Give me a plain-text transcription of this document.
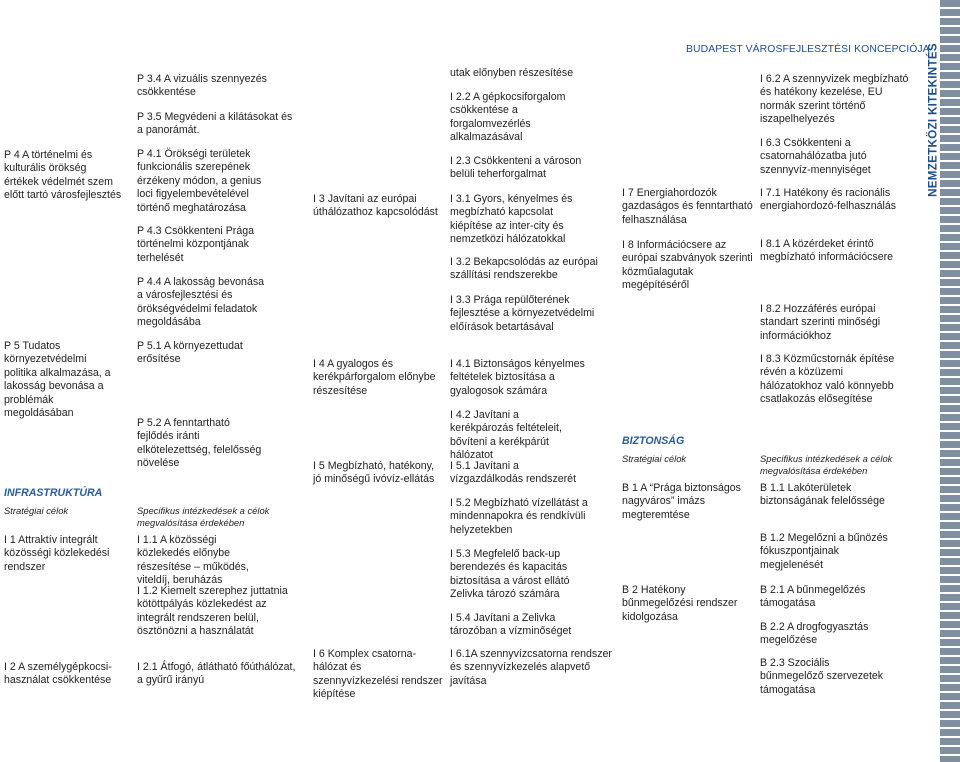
BUDAPEST VÁROSFEJLESZTÉSI KONCEPCIÓJA
NEMZETKÖZI KITEKINTÉS

P 4 A történelmi és kulturális örökség értékek védelmét szem előtt tartó városfejlesztés

P 5 Tudatos környezetvédelmi politika alkalmazása, a lakosság bevonása a problémák megoldásában

INFRASTRUKTÚRA

Stratégiai célok

I 1 Attraktív integrált közösségi közlekedési rendszer

I 2 A személygépkocsi-használat csökkentése

P 3.4 A vizuális szennyezés csökkentése

P 3.5 Megvédeni a kilátásokat és a panorámát.

P 4.1 Örökségi területek funkcionális szerepének érzékeny módon, a genius loci figyelembevételével történő meghatározása

P 4.3 Csökkenteni Prága történelmi központjának terhelését

P 4.4 A lakosság bevonása a városfejlesztési és örökségvédelmi feladatok megoldásába

P 5.1 A környezettudat erősítése

P 5.2 A fenntartható fejlődés iránti elkötelezettség, felelősség növelése

Specifikus intézkedések a célok megvalósítása érdekében

I 1.1 A közösségi közlekedés előnybe részesítése – működés, viteldíj, beruházás

I 1.2 Kiemelt szerephez juttatnia kötöttpályás közlekedést az integrált rendszeren belül, ösztönözni a használatát

I 2.1 Átfogó, átlátható főúthálózat, a gyűrű irányú

I 3 Javítani az európai úthálózathoz kapcsolódást

I 4 A gyalogos és kerékpárforgalom előnybe részesítése

I 5 Megbízható, hatékony, jó minőségű ivóvíz-ellátás

I 6 Komplex csatorna-hálózat és szennyvízkezelési rendszer kiépítése

utak előnyben részesítése

I 2.2 A gépkocsiforgalom csökkentése a forgalomvezérlés alkalmazásával

I 2.3 Csökkenteni a városon belüli teherforgalmat

I 3.1 Gyors, kényelmes és megbízható kapcsolat kiépítése az inter-city és nemzetközi hálózatokkal

I 3.2 Bekapcsolódás az európai szállítási rendszerekbe

I 3.3 Prága repülőterének fejlesztése a környezetvédelmi előírások betartásával

I 4.1 Biztonságos kényelmes feltételek biztosítása a gyalogosok számára

I 4.2 Javítani a kerékpározás feltételeit, bővíteni a kerékpárút hálózatot

I 5.1 Javítani a vízgazdálkodás rendszerét

I 5.2 Megbízható vízellátást a mindennapokra és rendkívüli helyzetekben

I 5.3 Megfelelő back-up berendezés és kapacitás biztosítása a várost ellátó Zelivka tározó számára

I 5.4 Javítani a Zelivka tározóban a vízminőséget

I 6.1A szennyvízcsatorna rendszer és szennyvízkezelés alapvető javítása

I 7 Energiahordozók gazdaságos és fenntartható felhasználása

I 8 Információcsere az európai szabványok szerinti közműalagutak megépítéséről

BIZTONSÁG

Stratégiai célok

B 1 A “Prága biztonságos nagyváros” imázs megteremtése

B 2 Hatékony bűnmegelőzési rendszer kidolgozása

I 6.2 A szennyvizek megbízható és hatékony kezelése, EU normák szerint történő iszapelhelyezés

I 6.3 Csökkenteni a csatornahálózatba jutó szennyvíz-mennyiséget

I 7.1 Hatékony és racionális energiahordozó-felhasználás

I 8.1 A közérdeket érintő megbízható információcsere

I 8.2 Hozzáférés európai standart szerinti minőségi információkhoz

I 8.3 Közműcstornák építése révén a közüzemi hálózatokhoz való könnyebb csatlakozás elősegítése

Specifikus intézkedések a célok megvalósítása érdekében

B 1.1 Lakóterületek biztonságának felelőssége

B 1.2 Megelőzni a bűnözés fókuszpontjainak megjelenését

B 2.1 A bűnmegelőzés támogatása

B 2.2 A drogfogyasztás megelőzése

B 2.3 Szociális bűnmegelőző szervezetek támogatása
